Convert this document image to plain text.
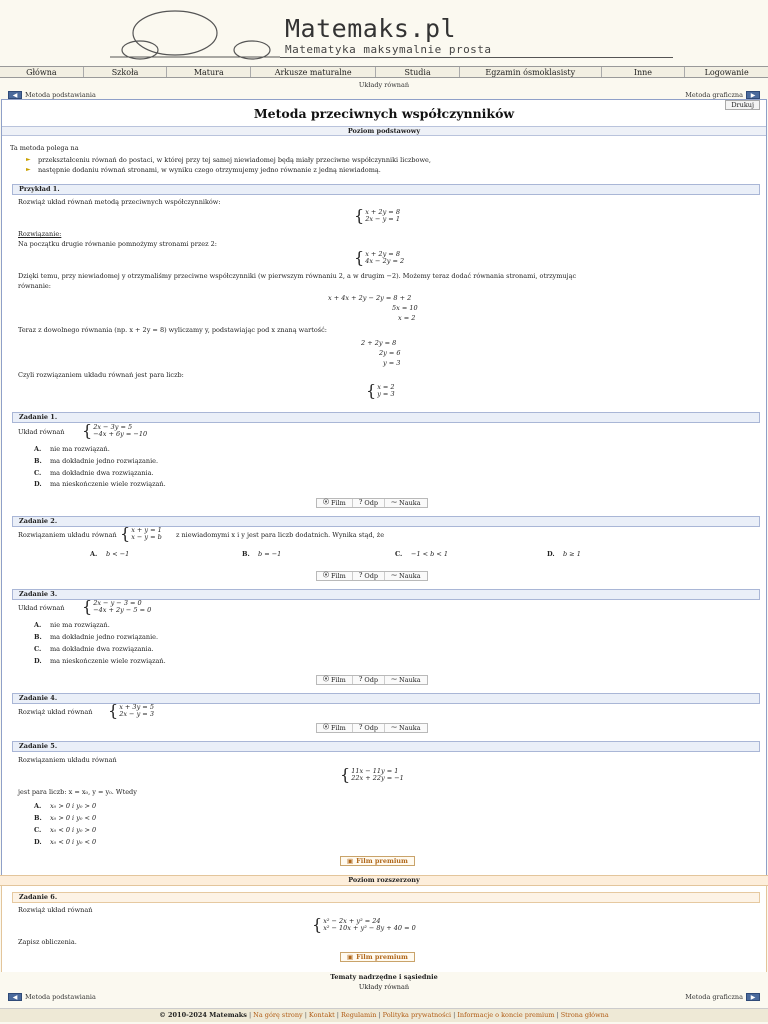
Matemaks.pl
Matematyka maksymalnie prosta
Główna	Szkoła	Matura	Arkusze maturalne	Studia	Egzamin ósmoklasisty	Inne	Logowanie
Układy równań
◀	Metoda podstawiania	Metoda graficzna	▶
Drukuj
Metoda przeciwnych współczynników
Poziom podstawowy
Ta metoda polega na
► przekształceniu równań do postaci, w której przy tej samej niewiadomej będą miały przeciwne współczynniki liczbowe,
► następnie dodaniu równań stronami, w wyniku czego otrzymujemy jedno równanie z jedną niewiadomą.
Przykład 1.
Rozwiąż układ równań metodą przeciwnych współczynników:
{x + 2y = 8
2x − y = 1
Rozwiązanie:
Na początku drugie równanie pomnożymy stronami przez 2:
{x + 2y = 8
4x − 2y = 2
Dzięki temu, przy niewiadomej y otrzymaliśmy przeciwne współczynniki (w pierwszym równaniu 2, a w drugim −2). Możemy teraz dodać równania stronami, otrzymując
równanie:
x + 4x + 2y − 2y = 8 + 2
5x = 10
x = 2
Teraz z dowolnego równania (np. x + 2y = 8) wyliczamy y, podstawiając pod x znaną wartość:
2 + 2y = 8
2y = 6
y = 3
Czyli rozwiązaniem układu równań jest para liczb:
{x = 2
y = 3
Zadanie 1.
Układ równań {2x − 3y = 5
−4x + 6y = −10
A. nie ma rozwiązań.
B. ma dokładnie jedno rozwiązanie.
C. ma dokładnie dwa rozwiązania.
D. ma nieskończenie wiele rozwiązań.
⦿ Film ? Odp ⁓ Nauka
Zadanie 2.
Rozwiązaniem układu równań {x + y = 1
x − y = b z niewiadomymi x i y jest para liczb dodatnich. Wynika stąd, że
A. b < −1	B. b = −1	C. −1 < b < 1	D. b ≥ 1
⦿ Film ? Odp ⁓ Nauka
Zadanie 3.
Układ równań {2x − y − 3 = 0
−4x + 2y − 5 = 0
A. nie ma rozwiązań.
B. ma dokładnie jedno rozwiązanie.
C. ma dokładnie dwa rozwiązania.
D. ma nieskończenie wiele rozwiązań.
⦿ Film ? Odp ⁓ Nauka
Zadanie 4.
Rozwiąż układ równań {x + 3y = 5
2x − y = 3
⦿ Film ? Odp ⁓ Nauka
Zadanie 5.
Rozwiązaniem układu równań
{11x − 11y = 1
22x + 22y = −1
jest para liczb: x = x₀, y = y₀. Wtedy
A. x₀ > 0 i y₀ > 0
B. x₀ > 0 i y₀ < 0
C. x₀ < 0 i y₀ > 0
D. x₀ < 0 i y₀ < 0
▣ Film premium
Poziom rozszerzony
Zadanie 6.
Rozwiąż układ równań
{x² − 2x + y² = 24
x² − 10x + y² − 8y + 40 = 0
Zapisz obliczenia.
▣ Film premium
Tematy nadrzędne i sąsiednie
Układy równań
◀	Metoda podstawiania	Metoda graficzna	▶
© 2010-2024 Matemaks | Na górę strony | Kontakt | Regulamin | Polityka prywatności | Informacje o koncie premium | Strona główna
